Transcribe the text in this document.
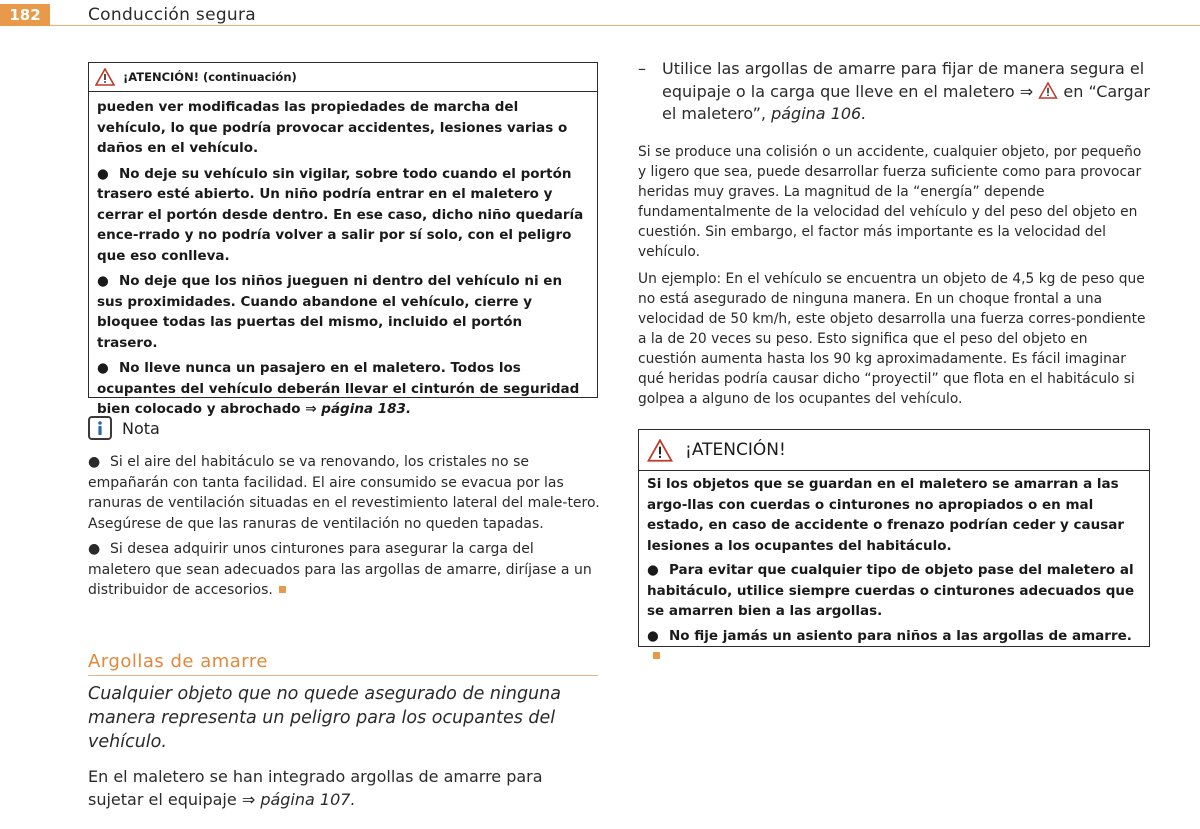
182	Conducción segura
¡ATENCIÓN! (continuación)

pueden ver modificadas las propiedades de marcha del vehículo, lo que podría provocar accidentes, lesiones varias o daños en el vehículo.

● No deje su vehículo sin vigilar, sobre todo cuando el portón trasero esté abierto. Un niño podría entrar en el maletero y cerrar el portón desde dentro. En ese caso, dicho niño quedaría ence-rrado y no podría volver a salir por sí solo, con el peligro que eso conlleva.

● No deje que los niños jueguen ni dentro del vehículo ni en sus proximidades. Cuando abandone el vehículo, cierre y bloquee todas las puertas del mismo, incluido el portón trasero.

● No lleve nunca un pasajero en el maletero. Todos los ocupantes del vehículo deberán llevar el cinturón de seguridad bien colocado y abrochado ⇒ página 183.

Nota

● Si el aire del habitáculo se va renovando, los cristales no se empañarán con tanta facilidad. El aire consumido se evacua por las ranuras de ventilación situadas en el revestimiento lateral del male-tero. Asegúrese de que las ranuras de ventilación no queden tapadas.

● Si desea adquirir unos cinturones para asegurar la carga del maletero que sean adecuados para las argollas de amarre, diríjase a un distribuidor de accesorios.

Argollas de amarre
Cualquier objeto que no quede asegurado de ninguna manera representa un peligro para los ocupantes del vehículo.
En el maletero se han integrado argollas de amarre para sujetar el equipaje ⇒ página 107.
–	Utilice las argollas de amarre para fijar de manera segura el equipaje o la carga que lleve en el maletero ⇒ en “Cargar el maletero”, página 106.

Si se produce una colisión o un accidente, cualquier objeto, por pequeño y ligero que sea, puede desarrollar fuerza suficiente como para provocar heridas muy graves. La magnitud de la “energía” depende fundamentalmente de la velocidad del vehículo y del peso del objeto en cuestión. Sin embargo, el factor más importante es la velocidad del vehículo.

Un ejemplo: En el vehículo se encuentra un objeto de 4,5 kg de peso que no está asegurado de ninguna manera. En un choque frontal a una velocidad de 50 km/h, este objeto desarrolla una fuerza corres-pondiente a la de 20 veces su peso. Esto significa que el peso del objeto en cuestión aumenta hasta los 90 kg aproximadamente. Es fácil imaginar qué heridas podría causar dicho “proyectil” que flota en el habitáculo si golpea a alguno de los ocupantes del vehículo.

¡ATENCIÓN!

Si los objetos que se guardan en el maletero se amarran a las argo-llas con cuerdas o cinturones no apropiados o en mal estado, en caso de accidente o frenazo podrían ceder y causar lesiones a los ocupantes del habitáculo.

● Para evitar que cualquier tipo de objeto pase del maletero al habitáculo, utilice siempre cuerdas o cinturones adecuados que se amarren bien a las argollas.

● No fije jamás un asiento para niños a las argollas de amarre.
